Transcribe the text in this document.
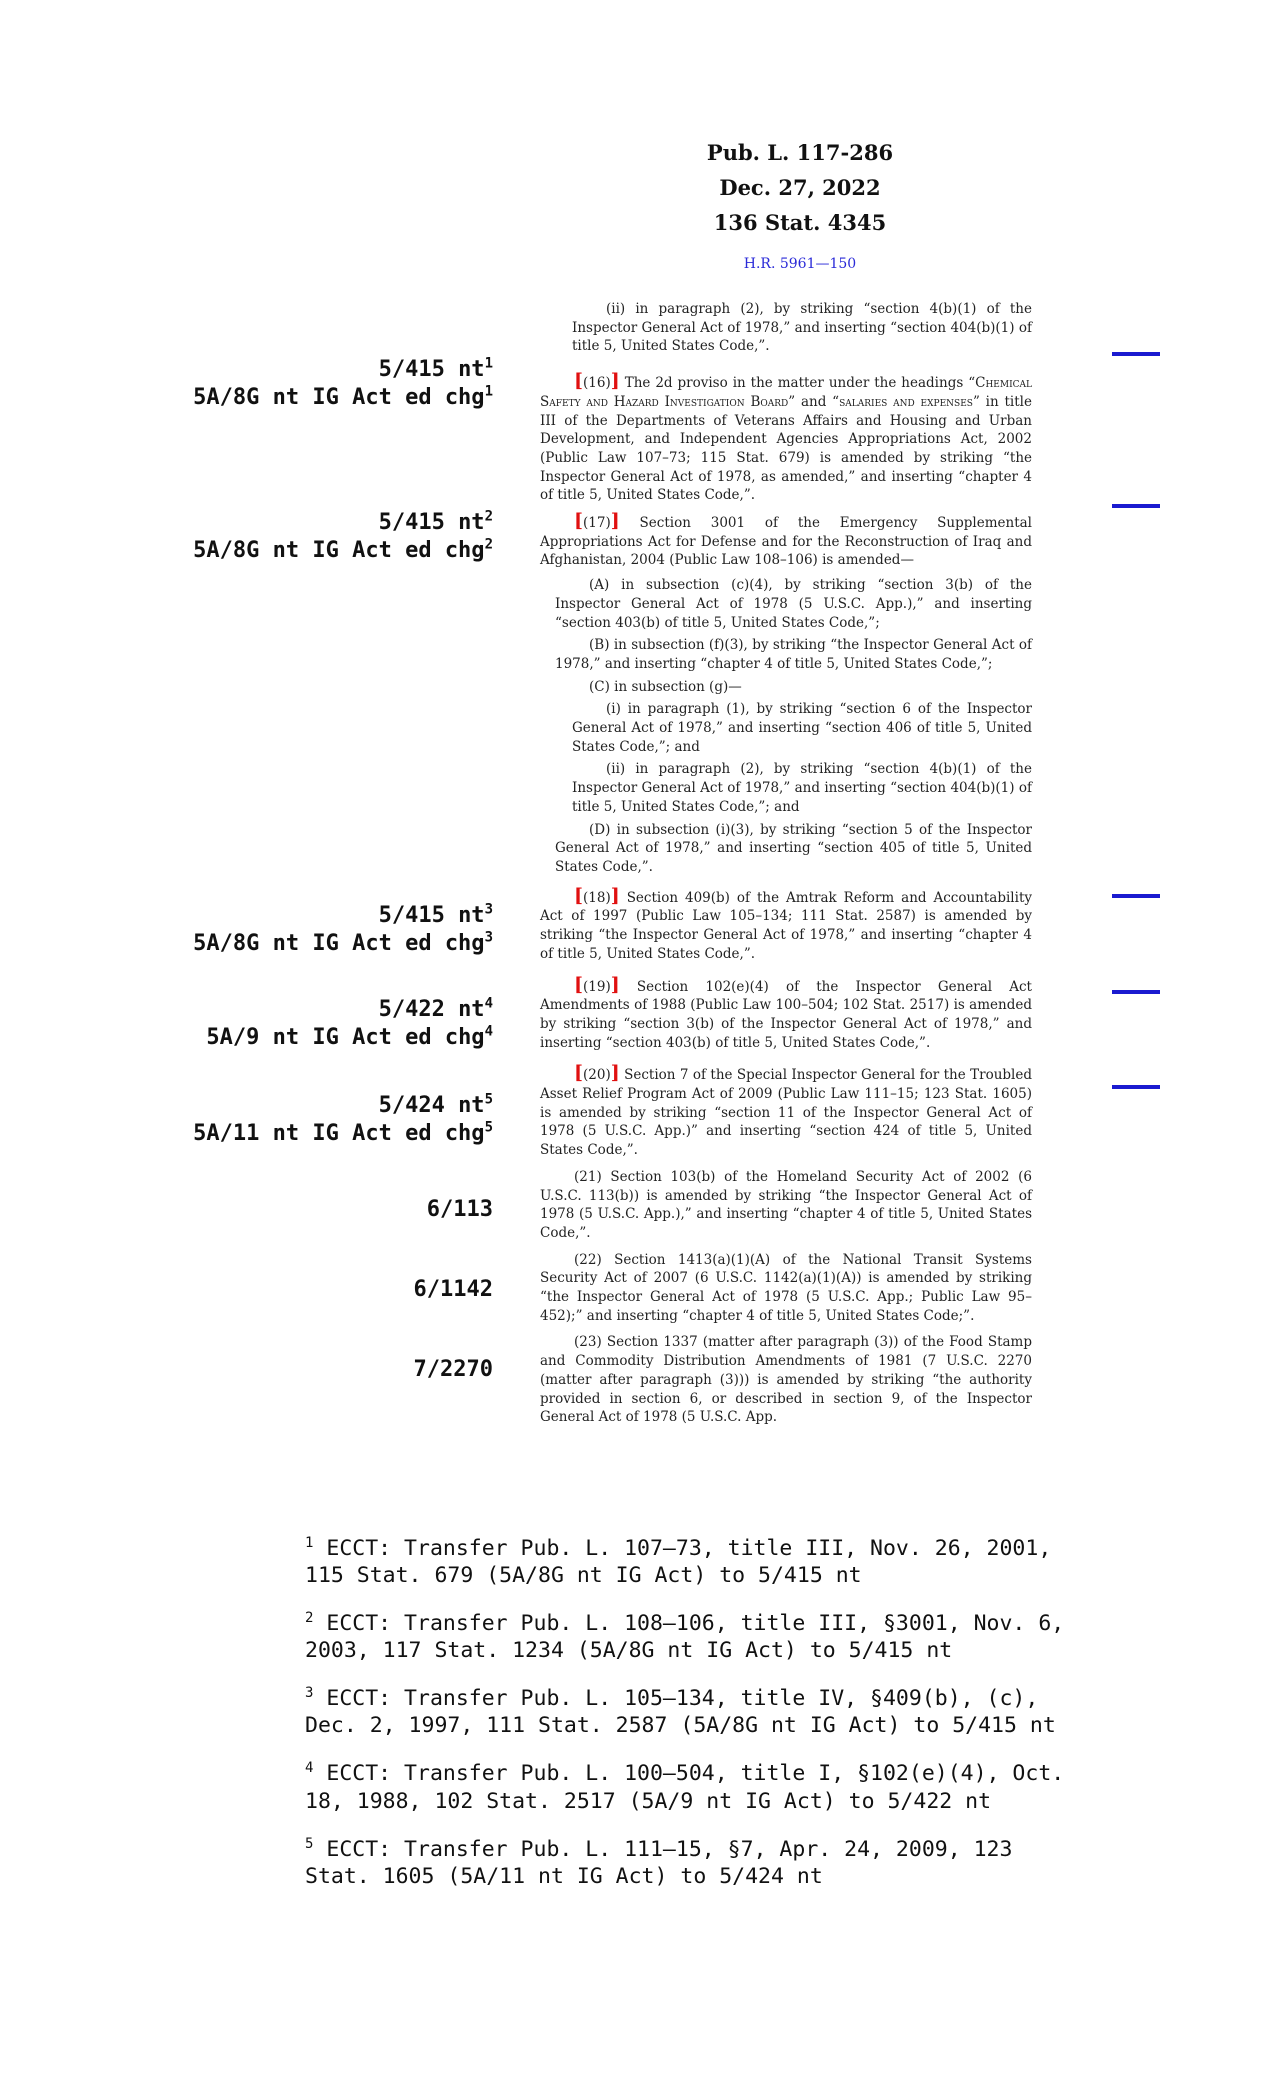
Pub. L. 117-286
Dec. 27, 2022
136 Stat. 4345
H.R. 5961—150

(ii) in paragraph (2), by striking “section 4(b)(1) of the Inspector General Act of 1978,” and inserting “section 404(b)(1) of title 5, United States Code,”.

[(16)] The 2d proviso in the matter under the headings “Chemical Safety and Hazard Investigation Board” and “salaries and expenses” in title III of the Departments of Veterans Affairs and Housing and Urban Development, and Independent Agencies Appropriations Act, 2002 (Public Law 107–73; 115 Stat. 679) is amended by striking “the Inspector General Act of 1978, as amended,” and inserting “chapter 4 of title 5, United States Code,”.

[(17)] Section 3001 of the Emergency Supplemental Appropriations Act for Defense and for the Reconstruction of Iraq and Afghanistan, 2004 (Public Law 108–106) is amended—

(A) in subsection (c)(4), by striking “section 3(b) of the Inspector General Act of 1978 (5 U.S.C. App.),” and inserting “section 403(b) of title 5, United States Code,”;

(B) in subsection (f)(3), by striking “the Inspector General Act of 1978,” and inserting “chapter 4 of title 5, United States Code,”;

(C) in subsection (g)—

(i) in paragraph (1), by striking “section 6 of the Inspector General Act of 1978,” and inserting “section 406 of title 5, United States Code,”; and

(ii) in paragraph (2), by striking “section 4(b)(1) of the Inspector General Act of 1978,” and inserting “section 404(b)(1) of title 5, United States Code,”; and

(D) in subsection (i)(3), by striking “section 5 of the Inspector General Act of 1978,” and inserting “section 405 of title 5, United States Code,”.

[(18)] Section 409(b) of the Amtrak Reform and Accountability Act of 1997 (Public Law 105–134; 111 Stat. 2587) is amended by striking “the Inspector General Act of 1978,” and inserting “chapter 4 of title 5, United States Code,”.

[(19)] Section 102(e)(4) of the Inspector General Act Amendments of 1988 (Public Law 100–504; 102 Stat. 2517) is amended by striking “section 3(b) of the Inspector General Act of 1978,” and inserting “section 403(b) of title 5, United States Code,”.

[(20)] Section 7 of the Special Inspector General for the Troubled Asset Relief Program Act of 2009 (Public Law 111–15; 123 Stat. 1605) is amended by striking “section 11 of the Inspector General Act of 1978 (5 U.S.C. App.)” and inserting “section 424 of title 5, United States Code,”.

(21) Section 103(b) of the Homeland Security Act of 2002 (6 U.S.C. 113(b)) is amended by striking “the Inspector General Act of 1978 (5 U.S.C. App.),” and inserting “chapter 4 of title 5, United States Code,”.

(22) Section 1413(a)(1)(A) of the National Transit Systems Security Act of 2007 (6 U.S.C. 1142(a)(1)(A)) is amended by striking “the Inspector General Act of 1978 (5 U.S.C. App.; Public Law 95–452);” and inserting “chapter 4 of title 5, United States Code;”.

(23) Section 1337 (matter after paragraph (3)) of the Food Stamp and Commodity Distribution Amendments of 1981 (7 U.S.C. 2270 (matter after paragraph (3))) is amended by striking “the authority provided in section 6, or described in section 9, of the Inspector General Act of 1978 (5 U.S.C. App.

5/415 $nt^1$
5A/8G nt IG Act ed chg$^1$
5/415 $nt^2$
5A/8G nt IG Act ed chg$^2$
5/415 $nt^3$
5A/8G nt IG Act ed chg$^3$
5/422 $nt^4$
5A/9 nt IG Act ed chg$^4$
5/424 $nt^5$
5A/11 nt IG Act ed chg$^5$
6/113
6/1142
7/2270

$^1$ ECCT: Transfer Pub. L. 107–73, title III, Nov. 26, 2001, 115 Stat. 679 (5A/8G nt IG Act) to 5/415 nt

$^2$ ECCT: Transfer Pub. L. 108–106, title III, §3001, Nov. 6, 2003, 117 Stat. 1234 (5A/8G nt IG Act) to 5/415 nt

$^3$ ECCT: Transfer Pub. L. 105–134, title IV, §409(b), (c), Dec. 2, 1997, 111 Stat. 2587 (5A/8G nt IG Act) to 5/415 nt

$^4$ ECCT: Transfer Pub. L. 100–504, title I, §102(e)(4), Oct. 18, 1988, 102 Stat. 2517 (5A/9 nt IG Act) to 5/422 nt

$^5$ ECCT: Transfer Pub. L. 111–15, §7, Apr. 24, 2009, 123 Stat. 1605 (5A/11 nt IG Act) to 5/424 nt
